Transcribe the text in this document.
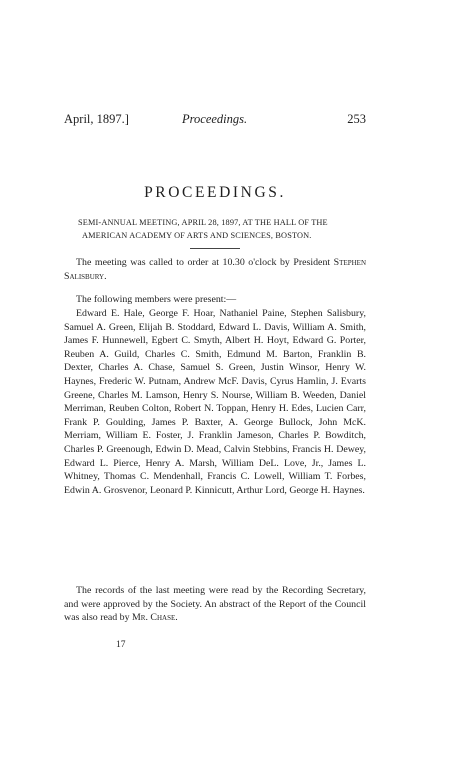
April, 1897.]	Proceedings.	253
PROCEEDINGS.
SEMI-ANNUAL MEETING, APRIL 28, 1897, AT THE HALL OF THE
AMERICAN ACADEMY OF ARTS AND SCIENCES, BOSTON.
The meeting was called to order at 10.30 o'clock by President Stephen Salisbury.
The following members were present:—
Edward E. Hale, George F. Hoar, Nathaniel Paine, Stephen Salisbury, Samuel A. Green, Elijah B. Stoddard, Edward L. Davis, William A. Smith, James F. Hunnewell, Egbert C. Smyth, Albert H. Hoyt, Edward G. Porter, Reuben A. Guild, Charles C. Smith, Edmund M. Barton, Franklin B. Dexter, Charles A. Chase, Samuel S. Green, Justin Winsor, Henry W. Haynes, Frederic W. Putnam, Andrew McF. Davis, Cyrus Hamlin, J. Evarts Greene, Charles M. Lamson, Henry S. Nourse, William B. Weeden, Daniel Merriman, Reuben Colton, Robert N. Toppan, Henry H. Edes, Lucien Carr, Frank P. Goulding, James P. Baxter, A. George Bullock, John McK. Merriam, William E. Foster, J. Franklin Jameson, Charles P. Bowditch, Charles P. Greenough, Edwin D. Mead, Calvin Stebbins, Francis H. Dewey, Edward L. Pierce, Henry A. Marsh, William DeL. Love, Jr., James L. Whitney, Thomas C. Mendenhall, Francis C. Lowell, William T. Forbes, Edwin A. Grosvenor, Leonard P. Kinnicutt, Arthur Lord, George H. Haynes.
The records of the last meeting were read by the Recording Secretary, and were approved by the Society. An abstract of the Report of the Council was also read by Mr. Chase.
17
